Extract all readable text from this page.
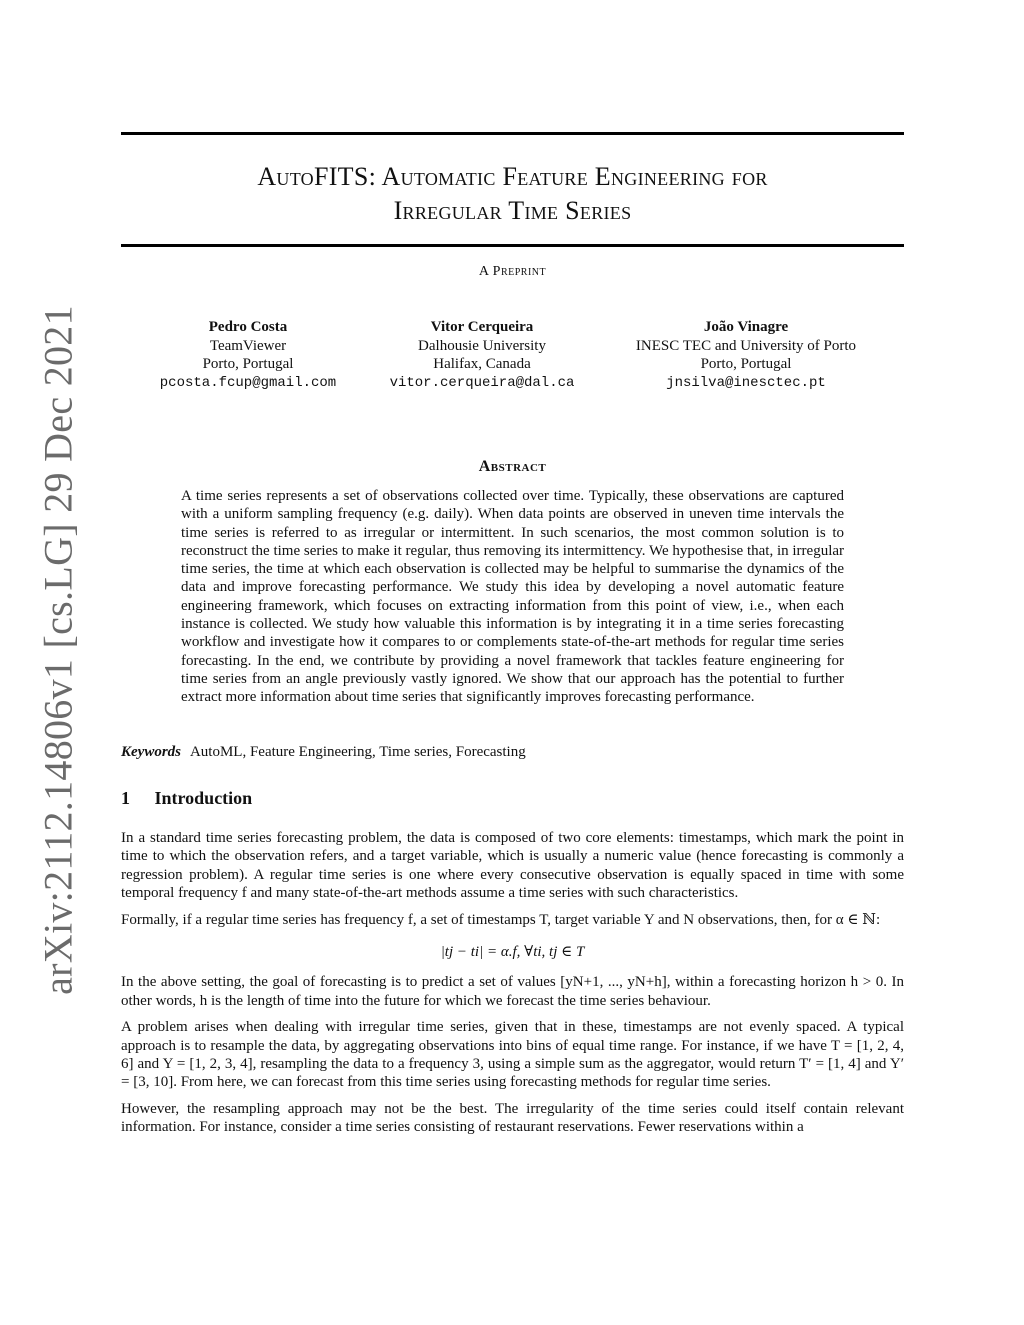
arXiv:2112.14806v1 [cs.LG] 29 Dec 2021
AutoFITS: Automatic Feature Engineering for
Irregular Time Series
A Preprint
Pedro Costa
TeamViewer
Porto, Portugal
pcosta.fcup@gmail.com
Vitor Cerqueira
Dalhousie University
Halifax, Canada
vitor.cerqueira@dal.ca
João Vinagre
INESC TEC and University of Porto
Porto, Portugal
jnsilva@inesctec.pt
Abstract
A time series represents a set of observations collected over time. Typically, these observations are captured with a uniform sampling frequency (e.g. daily). When data points are observed in uneven time intervals the time series is referred to as irregular or intermittent. In such scenarios, the most common solution is to reconstruct the time series to make it regular, thus removing its intermittency. We hypothesise that, in irregular time series, the time at which each observation is collected may be helpful to summarise the dynamics of the data and improve forecasting performance. We study this idea by developing a novel automatic feature engineering framework, which focuses on extracting information from this point of view, i.e., when each instance is collected. We study how valuable this information is by integrating it in a time series forecasting workflow and investigate how it compares to or complements state-of-the-art methods for regular time series forecasting. In the end, we contribute by providing a novel framework that tackles feature engineering for time series from an angle previously vastly ignored. We show that our approach has the potential to further extract more information about time series that significantly improves forecasting performance.
Keywords AutoML, Feature Engineering, Time series, Forecasting
1 Introduction

In a standard time series forecasting problem, the data is composed of two core elements: timestamps, which mark the point in time to which the observation refers, and a target variable, which is usually a numeric value (hence forecasting is commonly a regression problem). A regular time series is one where every consecutive observation is equally spaced in time with some temporal frequency f and many state-of-the-art methods assume a time series with such characteristics.

Formally, if a regular time series has frequency f, a set of timestamps T, target variable Y and N observations, then, for α ∈ ℕ:

|tj − ti| = α.f, ∀ti, tj ∈ T

In the above setting, the goal of forecasting is to predict a set of values [yN+1, ..., yN+h], within a forecasting horizon h > 0. In other words, h is the length of time into the future for which we forecast the time series behaviour.

A problem arises when dealing with irregular time series, given that in these, timestamps are not evenly spaced. A typical approach is to resample the data, by aggregating observations into bins of equal time range. For instance, if we have T = [1, 2, 4, 6] and Y = [1, 2, 3, 4], resampling the data to a frequency 3, using a simple sum as the aggregator, would return T′ = [1, 4] and Y′ = [3, 10]. From here, we can forecast from this time series using forecasting methods for regular time series.

However, the resampling approach may not be the best. The irregularity of the time series could itself contain relevant information. For instance, consider a time series consisting of restaurant reservations. Fewer reservations within a
